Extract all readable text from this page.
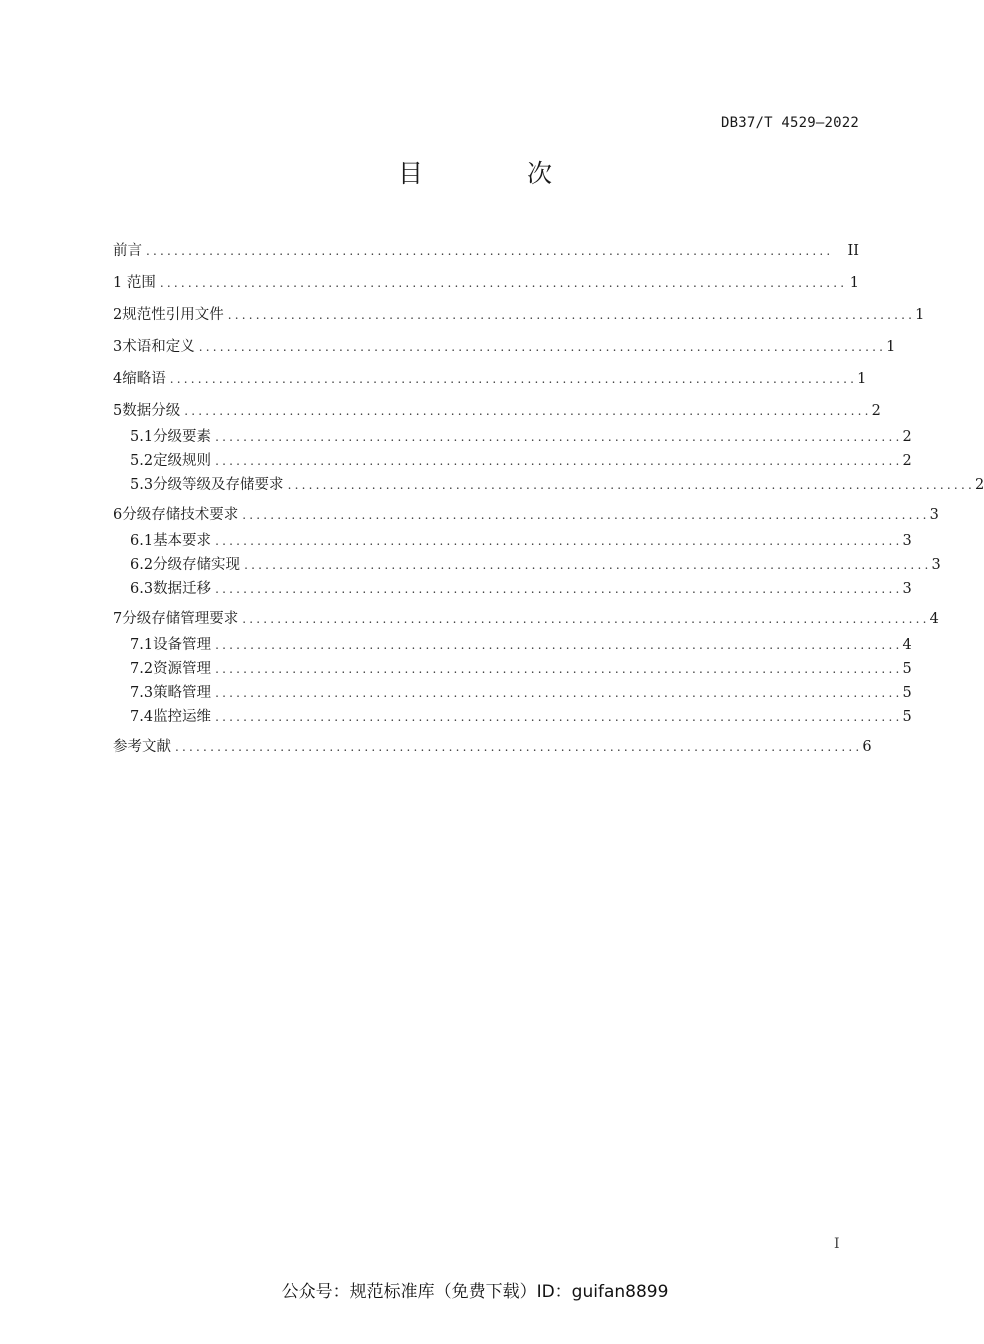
DB37/T 4529—2022
目 次
前言 .................................................................................................. II
1 范围 .................................................................................................. 1
2 规范性引用文件 .................................................................................................. 1
3 术语和定义 .................................................................................................. 1
4 缩略语 .................................................................................................. 1
5 数据分级 .................................................................................................. 2
5.1 分级要素 .................................................................................................. 2
5.2 定级规则 .................................................................................................. 2
5.3 分级等级及存储要求 .................................................................................................. 2
6 分级存储技术要求 .................................................................................................. 3
6.1 基本要求 .................................................................................................. 3
6.2 分级存储实现 .................................................................................................. 3
6.3 数据迁移 .................................................................................................. 3
7 分级存储管理要求 .................................................................................................. 4
7.1 设备管理 .................................................................................................. 4
7.2 资源管理 .................................................................................................. 5
7.3 策略管理 .................................................................................................. 5
7.4 监控运维 .................................................................................................. 5
参考文献 .................................................................................................. 6
I
公众号：规范标准库（免费下载）ID：guifan8899
